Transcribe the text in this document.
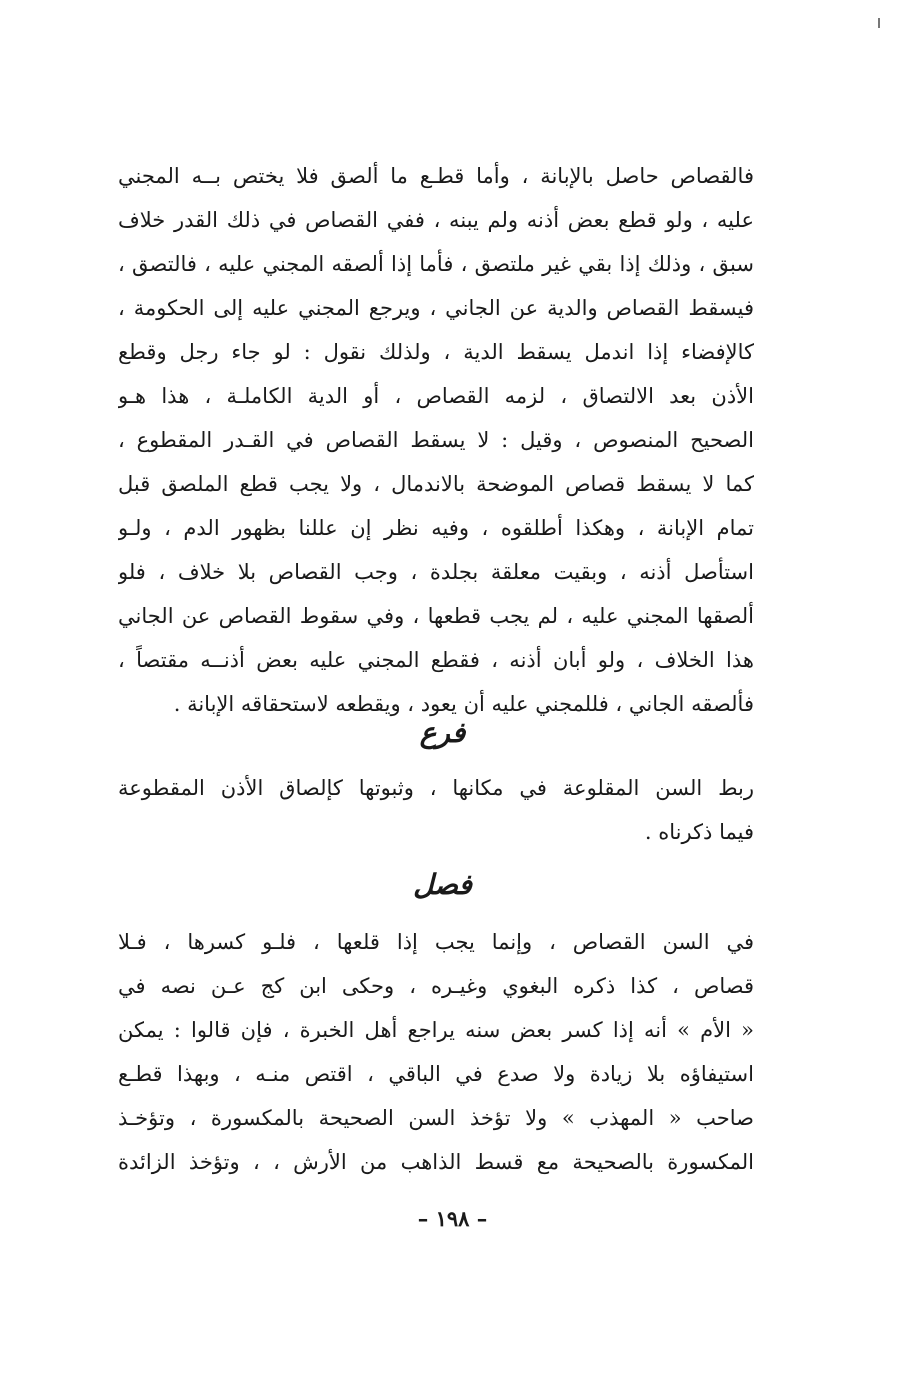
فالقصاص حاصل بالإبانة ، وأما قطـع ما ألصق فلا يختص بــه المجني
عليه ، ولو قطع بعض أذنه ولم يبنه ، ففي القصاص في ذلك القدر خلاف
سبق ، وذلك إذا بقي غير ملتصق ، فأما إذا ألصقه المجني عليه ، فالتصق ،
فيسقط القصاص والدية عن الجاني ، ويرجع المجني عليه إلى الحكومة ،
كالإفضاء إذا اندمل يسقط الدية ، ولذلك نقول : لو جاء رجل وقطع
الأذن بعد الالتصاق ، لزمه القصاص ، أو الدية الكاملـة ، هذا هـو
الصحيح المنصوص ، وقيل : لا يسقط القصاص في القـدر المقطوع ،
كما لا يسقط قصاص الموضحة بالاندمال ، ولا يجب قطع الملصق قبل
تمام الإبانة ، وهكذا أطلقوه ، وفيه نظر إن عللنا بظهور الدم ، ولـو
استأصل أذنه ، وبقيت معلقة بجلدة ، وجب القصاص بلا خلاف ، فلو
ألصقها المجني عليه ، لم يجب قطعها ، وفي سقوط القصاص عن الجاني
هذا الخلاف ، ولو أبان أذنه ، فقطع المجني عليه بعض أذنــه مقتصاً ،
فألصقه الجاني ، فللمجني عليه أن يعود ، ويقطعه لاستحقاقه الإبانة .
فرع
ربط السن المقلوعة في مكانها ، وثبوتها كإلصاق الأذن المقطوعة
فيما ذكرناه .
فصل
في السن القصاص ، وإنما يجب إذا قلعها ، فلـو كسرها ، فـلا
قصاص ، كذا ذكره البغوي وغيـره ، وحكى ابن كج عـن نصه في
« الأم » أنه إذا كسر بعض سنه يراجع أهل الخبرة ، فإن قالوا : يمكن
استيفاؤه بلا زيادة ولا صدع في الباقي ، اقتص منـه ، وبهذا قطـع
صاحب « المهذب » ولا تؤخذ السن الصحيحة بالمكسورة ، وتؤخـذ
المكسورة بالصحيحة مع قسط الذاهب من الأرش ، ، وتؤخذ الزائدة
– ١٩٨ –
